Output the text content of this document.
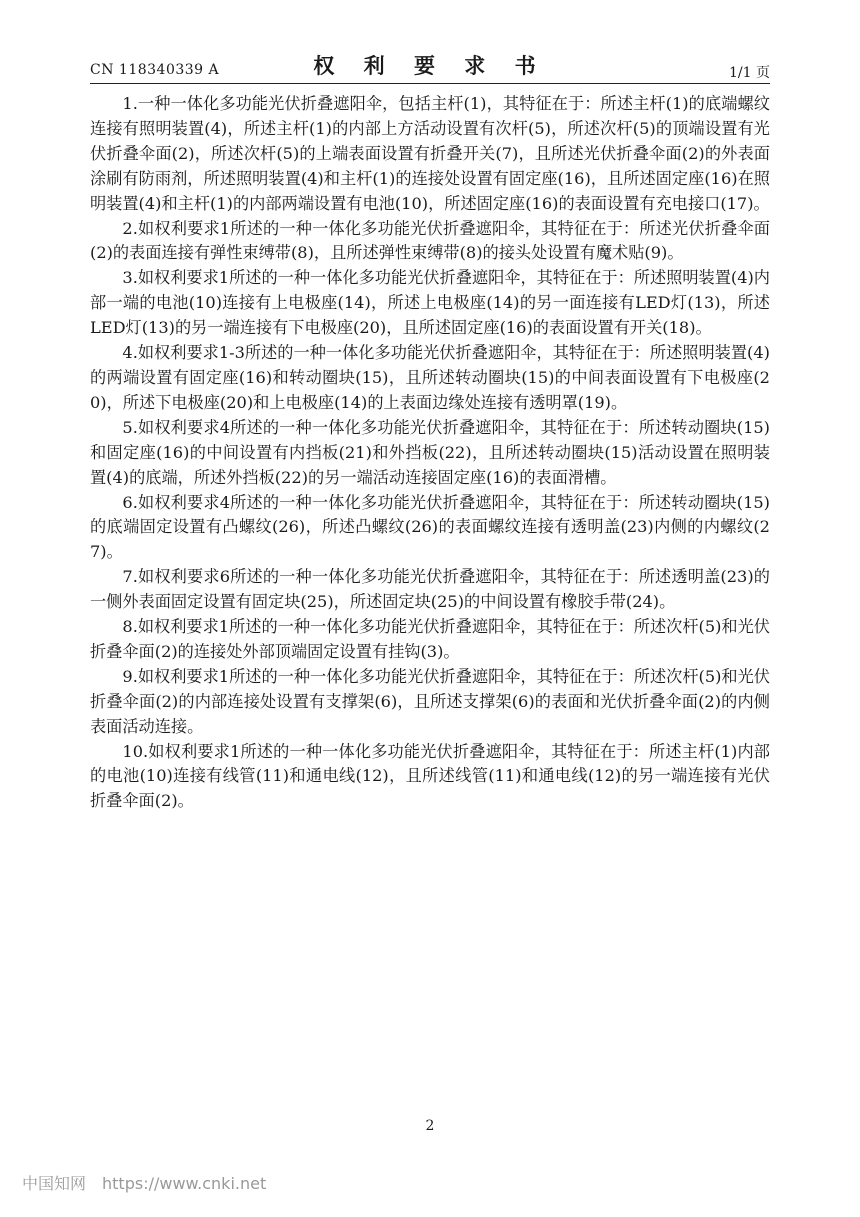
CN 118340339 A	权 利 要 求 书	1/1 页

1.一种一体化多功能光伏折叠遮阳伞，包括主杆(1)，其特征在于：所述主杆(1)的底端螺纹连接有照明装置(4)，所述主杆(1)的内部上方活动设置有次杆(5)，所述次杆(5)的顶端设置有光伏折叠伞面(2)，所述次杆(5)的上端表面设置有折叠开关(7)，且所述光伏折叠伞面(2)的外表面涂刷有防雨剂，所述照明装置(4)和主杆(1)的连接处设置有固定座(16)，且所述固定座(16)在照明装置(4)和主杆(1)的内部两端设置有电池(10)，所述固定座(16)的表面设置有充电接口(17)。

2.如权利要求1所述的一种一体化多功能光伏折叠遮阳伞，其特征在于：所述光伏折叠伞面(2)的表面连接有弹性束缚带(8)，且所述弹性束缚带(8)的接头处设置有魔术贴(9)。

3.如权利要求1所述的一种一体化多功能光伏折叠遮阳伞，其特征在于：所述照明装置(4)内部一端的电池(10)连接有上电极座(14)，所述上电极座(14)的另一面连接有LED灯(13)，所述LED灯(13)的另一端连接有下电极座(20)，且所述固定座(16)的表面设置有开关(18)。

4.如权利要求1-3所述的一种一体化多功能光伏折叠遮阳伞，其特征在于：所述照明装置(4)的两端设置有固定座(16)和转动圈块(15)，且所述转动圈块(15)的中间表面设置有下电极座(20)，所述下电极座(20)和上电极座(14)的上表面边缘处连接有透明罩(19)。

5.如权利要求4所述的一种一体化多功能光伏折叠遮阳伞，其特征在于：所述转动圈块(15)和固定座(16)的中间设置有内挡板(21)和外挡板(22)，且所述转动圈块(15)活动设置在照明装置(4)的底端，所述外挡板(22)的另一端活动连接固定座(16)的表面滑槽。

6.如权利要求4所述的一种一体化多功能光伏折叠遮阳伞，其特征在于：所述转动圈块(15)的底端固定设置有凸螺纹(26)，所述凸螺纹(26)的表面螺纹连接有透明盖(23)内侧的内螺纹(27)。

7.如权利要求6所述的一种一体化多功能光伏折叠遮阳伞，其特征在于：所述透明盖(23)的一侧外表面固定设置有固定块(25)，所述固定块(25)的中间设置有橡胶手带(24)。

8.如权利要求1所述的一种一体化多功能光伏折叠遮阳伞，其特征在于：所述次杆(5)和光伏折叠伞面(2)的连接处外部顶端固定设置有挂钩(3)。

9.如权利要求1所述的一种一体化多功能光伏折叠遮阳伞，其特征在于：所述次杆(5)和光伏折叠伞面(2)的内部连接处设置有支撑架(6)，且所述支撑架(6)的表面和光伏折叠伞面(2)的内侧表面活动连接。

10.如权利要求1所述的一种一体化多功能光伏折叠遮阳伞，其特征在于：所述主杆(1)内部的电池(10)连接有线管(11)和通电线(12)，且所述线管(11)和通电线(12)的另一端连接有光伏折叠伞面(2)。

2
中国知网 https://www.cnki.net
